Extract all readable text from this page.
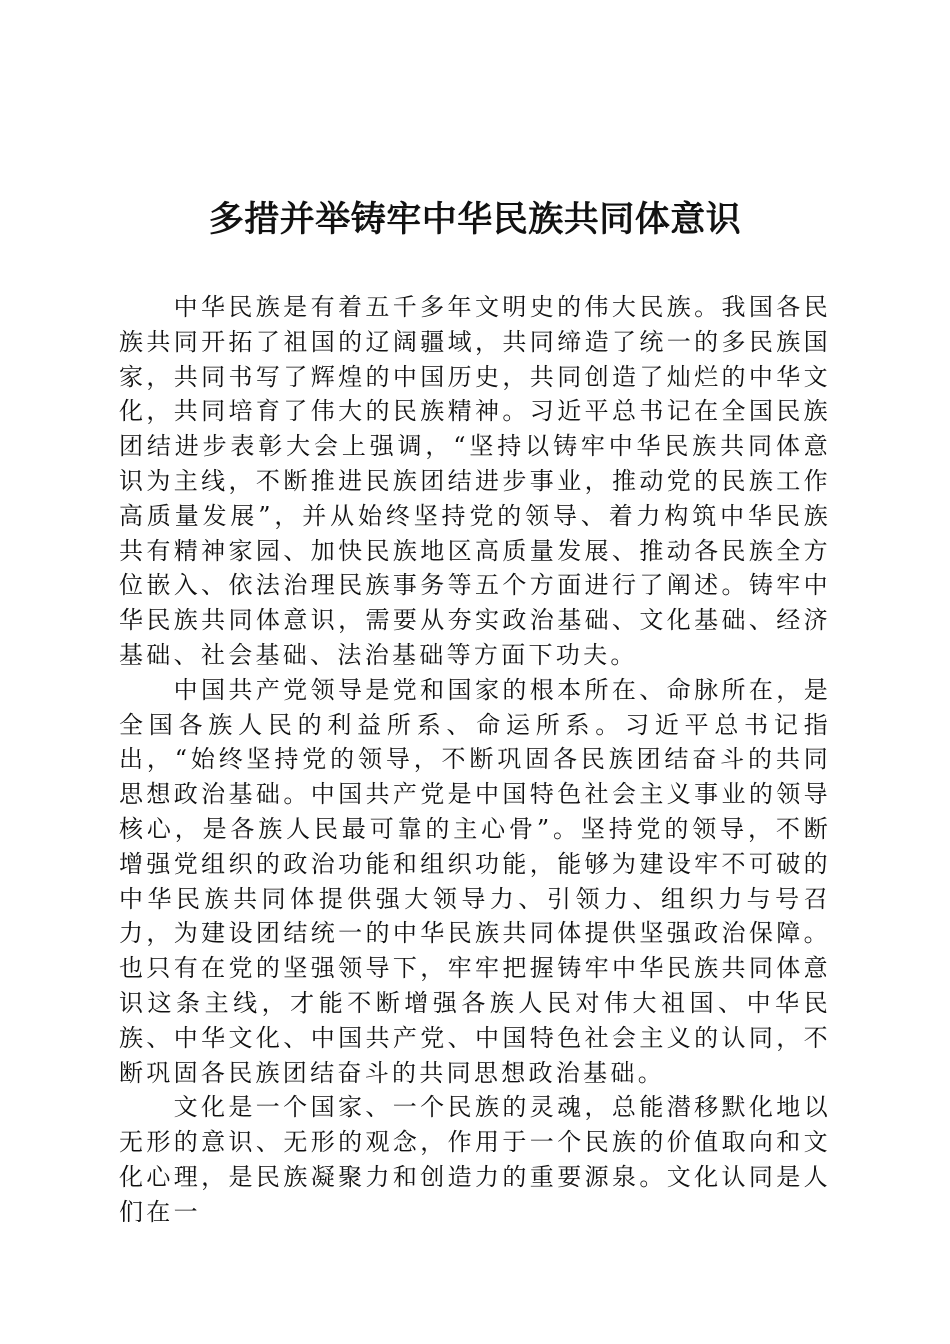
多措并举铸牢中华民族共同体意识

中华民族是有着五千多年文明史的伟大民族。我国各民族共同开拓了祖国的辽阔疆域，共同缔造了统一的多民族国家，共同书写了辉煌的中国历史，共同创造了灿烂的中华文化，共同培育了伟大的民族精神。习近平总书记在全国民族团结进步表彰大会上强调，“坚持以铸牢中华民族共同体意识为主线，不断推进民族团结进步事业，推动党的民族工作高质量发展”，并从始终坚持党的领导、着力构筑中华民族共有精神家园、加快民族地区高质量发展、推动各民族全方位嵌入、依法治理民族事务等五个方面进行了阐述。铸牢中华民族共同体意识，需要从夯实政治基础、文化基础、经济基础、社会基础、法治基础等方面下功夫。

中国共产党领导是党和国家的根本所在、命脉所在，是全国各族人民的利益所系、命运所系。习近平总书记指出，“始终坚持党的领导，不断巩固各民族团结奋斗的共同思想政治基础。中国共产党是中国特色社会主义事业的领导核心，是各族人民最可靠的主心骨”。坚持党的领导，不断增强党组织的政治功能和组织功能，能够为建设牢不可破的中华民族共同体提供强大领导力、引领力、组织力与号召力，为建设团结统一的中华民族共同体提供坚强政治保障。也只有在党的坚强领导下，牢牢把握铸牢中华民族共同体意识这条主线，才能不断增强各族人民对伟大祖国、中华民族、中华文化、中国共产党、中国特色社会主义的认同，不断巩固各民族团结奋斗的共同思想政治基础。

文化是一个国家、一个民族的灵魂，总能潜移默化地以无形的意识、无形的观念，作用于一个民族的价值取向和文化心理，是民族凝聚力和创造力的重要源泉。文化认同是人们在一
